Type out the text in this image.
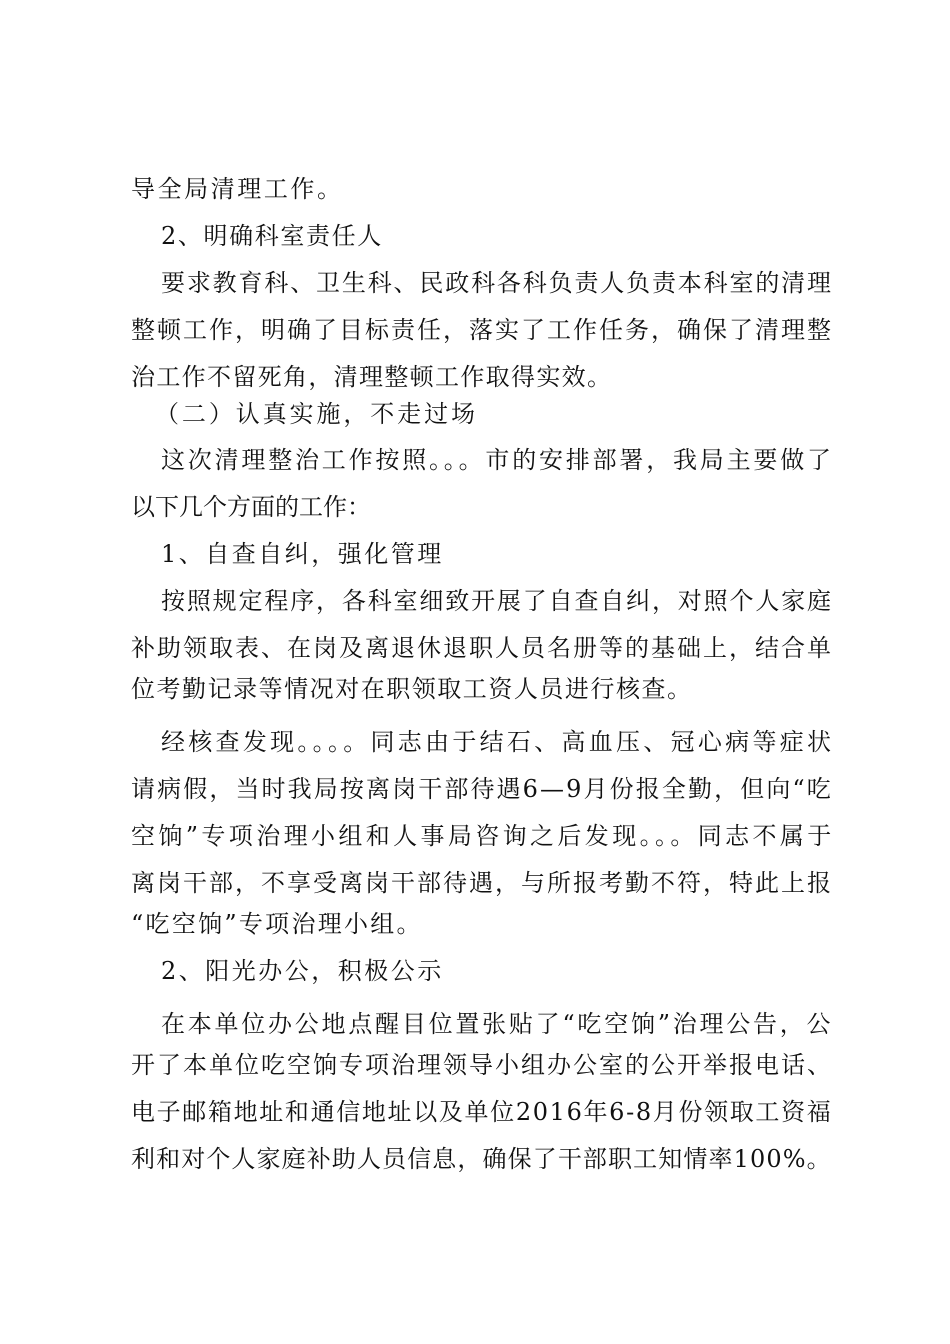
导全局清理工作。
2、明确科室责任人
要求教育科、卫生科、民政科各科负责人负责本科室的清理
整顿工作，明确了目标责任，落实了工作任务，确保了清理整
治工作不留死角，清理整顿工作取得实效。
（二）认真实施，不走过场
这次清理整治工作按照。。。市的安排部署，我局主要做了
以下几个方面的工作：
1、自查自纠，强化管理
按照规定程序，各科室细致开展了自查自纠，对照个人家庭
补助领取表、在岗及离退休退职人员名册等的基础上，结合单
位考勤记录等情况对在职领取工资人员进行核查。
经核查发现。。。。同志由于结石、高血压、冠心病等症状
请病假，当时我局按离岗干部待遇6—9月份报全勤，但向“吃
空饷”专项治理小组和人事局咨询之后发现。。。同志不属于
离岗干部，不享受离岗干部待遇，与所报考勤不符，特此上报
“吃空饷”专项治理小组。
2、阳光办公，积极公示
在本单位办公地点醒目位置张贴了“吃空饷”治理公告，公
开了本单位吃空饷专项治理领导小组办公室的公开举报电话、
电子邮箱地址和通信地址以及单位2016年6-8月份领取工资福
利和对个人家庭补助人员信息，确保了干部职工知情率100%。
